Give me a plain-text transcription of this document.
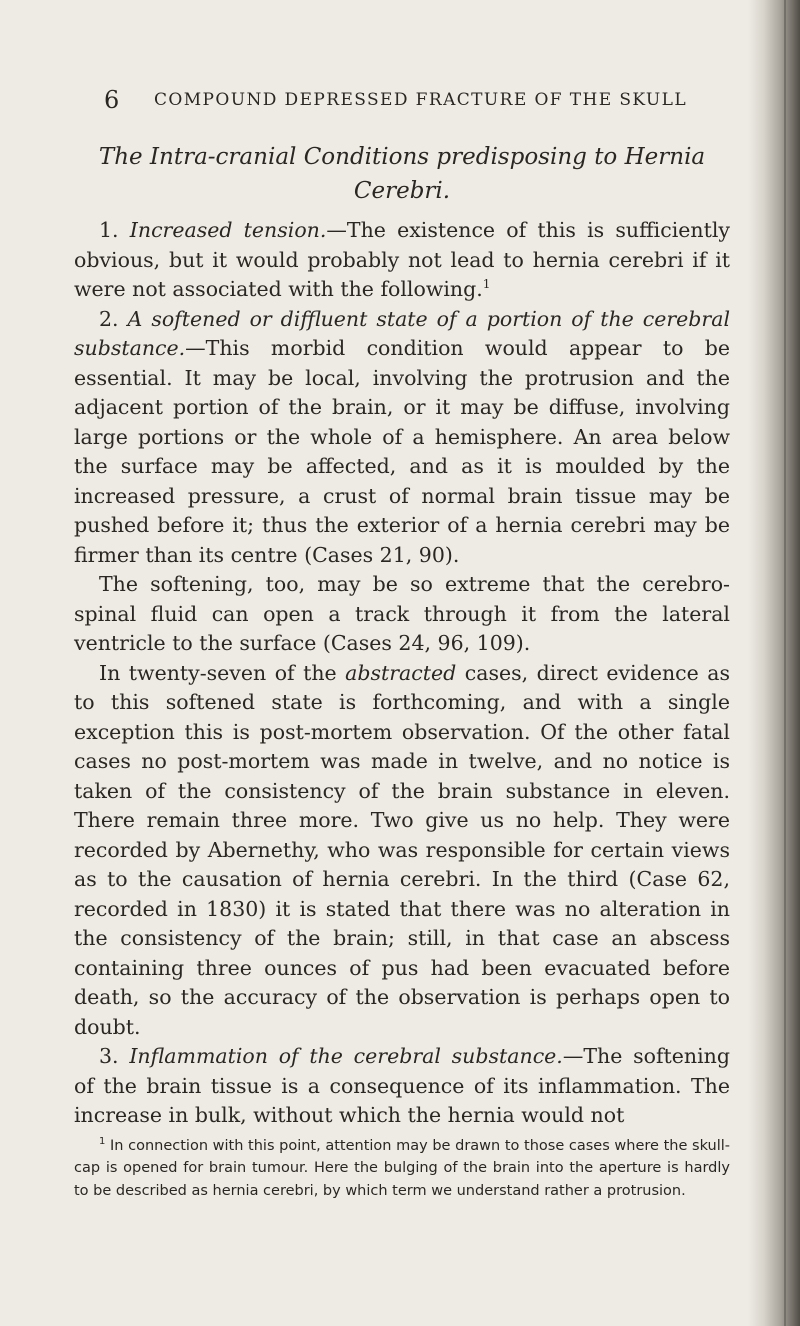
6 COMPOUND DEPRESSED FRACTURE OF THE SKULL

The Intra-cranial Conditions predisposing to Hernia Cerebri.

1. Increased tension.—The existence of this is sufficiently obvious, but it would probably not lead to hernia cerebri if it were not associated with the following.$^1$

2. A softened or diffluent state of a portion of the cerebral substance.—This morbid condition would appear to be essential. It may be local, involving the protrusion and the adjacent portion of the brain, or it may be diffuse, involving large portions or the whole of a hemisphere. An area below the surface may be affected, and as it is moulded by the increased pressure, a crust of normal brain tissue may be pushed before it; thus the exterior of a hernia cerebri may be firmer than its centre (Cases 21, 90).

The softening, too, may be so extreme that the cerebro-spinal fluid can open a track through it from the lateral ventricle to the surface (Cases 24, 96, 109).

In twenty-seven of the abstracted cases, direct evidence as to this softened state is forthcoming, and with a single exception this is post-mortem observation. Of the other fatal cases no post-mortem was made in twelve, and no notice is taken of the consistency of the brain substance in eleven. There remain three more. Two give us no help. They were recorded by Abernethy, who was responsible for certain views as to the causation of hernia cerebri. In the third (Case 62, recorded in 1830) it is stated that there was no alteration in the consistency of the brain; still, in that case an abscess containing three ounces of pus had been evacuated before death, so the accuracy of the observation is perhaps open to doubt.

3. Inflammation of the cerebral substance.—The softening of the brain tissue is a consequence of its inflammation. The increase in bulk, without which the hernia would not

$^1$ In connection with this point, attention may be drawn to those cases where the skull-cap is opened for brain tumour. Here the bulging of the brain into the aperture is hardly to be described as hernia cerebri, by which term we understand rather a protrusion.
